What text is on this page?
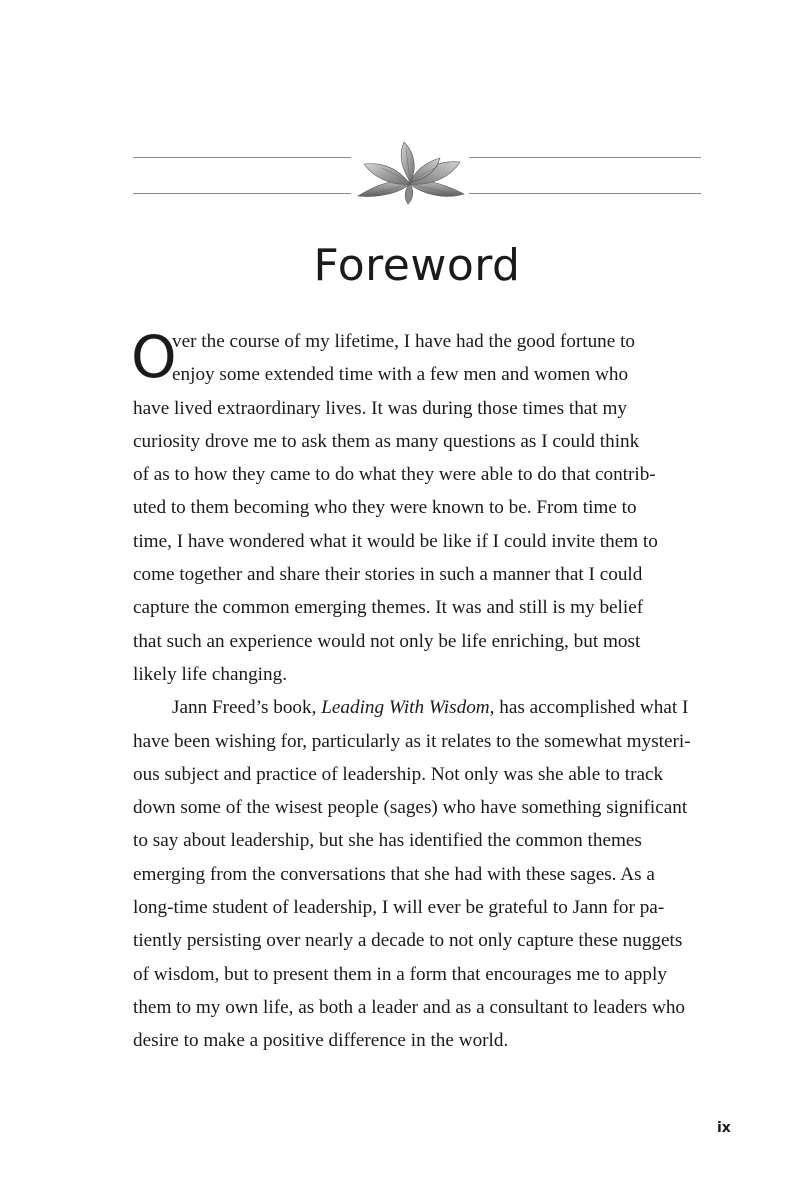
Foreword
O
ver the course of my lifetime, I have had the good fortune to
enjoy some extended time with a few men and women who
have lived extraordinary lives. It was during those times that my
curiosity drove me to ask them as many questions as I could think
of as to how they came to do what they were able to do that contrib-
uted to them becoming who they were known to be. From time to
time, I have wondered what it would be like if I could invite them to
come together and share their stories in such a manner that I could
capture the common emerging themes. It was and still is my belief
that such an experience would not only be life enriching, but most
likely life changing.
Jann Freed’s book, Leading With Wisdom, has accomplished what I
have been wishing for, particularly as it relates to the somewhat mysteri-
ous subject and practice of leadership. Not only was she able to track
down some of the wisest people (sages) who have something significant
to say about leadership, but she has identified the common themes
emerging from the conversations that she had with these sages. As a
long-time student of leadership, I will ever be grateful to Jann for pa-
tiently persisting over nearly a decade to not only capture these nuggets
of wisdom, but to present them in a form that encourages me to apply
them to my own life, as both a leader and as a consultant to leaders who
desire to make a positive difference in the world.
ix
